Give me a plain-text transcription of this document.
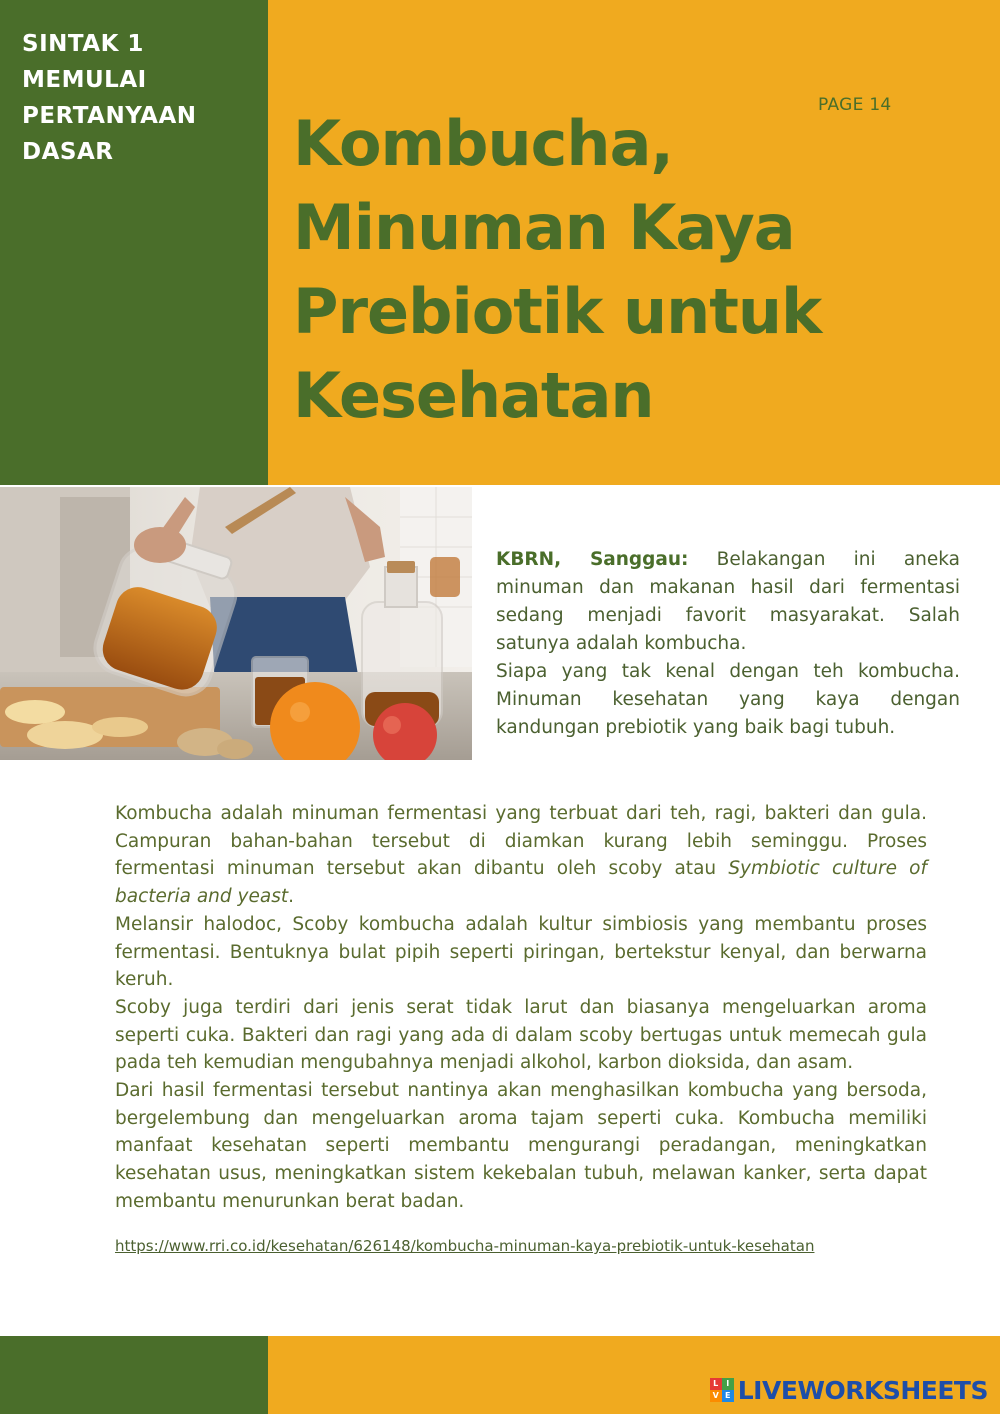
SINTAK 1
MEMULAI
PERTANYAAN
DASAR
PAGE 14
Kombucha,
Minuman Kaya
Prebiotik untuk
Kesehatan

KBRN, Sanggau: Belakangan ini aneka minuman dan makanan hasil dari fermentasi sedang menjadi favorit masyarakat. Salah satunya adalah kombucha.

Siapa yang tak kenal dengan teh kombucha. Minuman kesehatan yang kaya dengan kandungan prebiotik yang baik bagi tubuh.

Kombucha adalah minuman fermentasi yang terbuat dari teh, ragi, bakteri dan gula. Campuran bahan-bahan tersebut di diamkan kurang lebih seminggu. Proses fermentasi minuman tersebut akan dibantu oleh scoby atau Symbiotic culture of bacteria and yeast.

Melansir halodoc, Scoby kombucha adalah kultur simbiosis yang membantu proses fermentasi. Bentuknya bulat pipih seperti piringan, bertekstur kenyal, dan berwarna keruh.

Scoby juga terdiri dari jenis serat tidak larut dan biasanya mengeluarkan aroma seperti cuka. Bakteri dan ragi yang ada di dalam scoby bertugas untuk memecah gula pada teh kemudian mengubahnya menjadi alkohol, karbon dioksida, dan asam.

Dari hasil fermentasi tersebut nantinya akan menghasilkan kombucha yang bersoda, bergelembung dan mengeluarkan aroma tajam seperti cuka. Kombucha memiliki manfaat kesehatan seperti membantu mengurangi peradangan, meningkatkan kesehatan usus, meningkatkan sistem kekebalan tubuh, melawan kanker, serta dapat membantu menurunkan berat badan.

https://www.rri.co.id/kesehatan/626148/kombucha-minuman-kaya-prebiotik-untuk-kesehatan
L I
V E LIVEWORKSHEETS
